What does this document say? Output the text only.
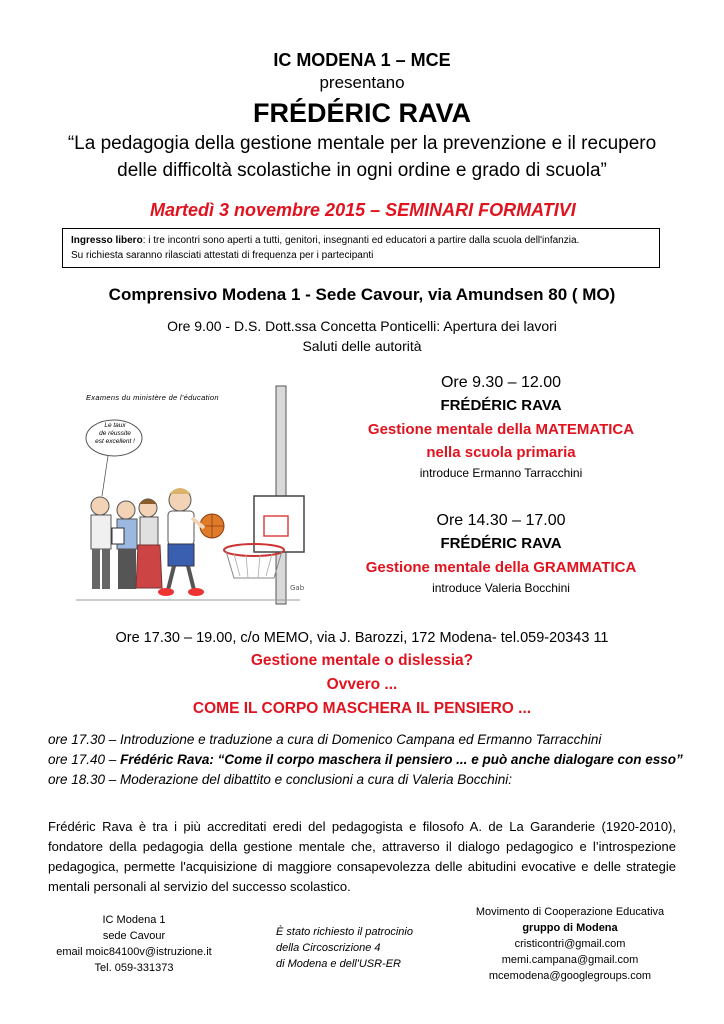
IC MODENA 1 – MCE
presentano
FRÉDÉRIC RAVA
“La pedagogia della gestione mentale per la prevenzione e il recupero
delle difficoltà scolastiche in ogni ordine e grado di scuola”
Martedì 3 novembre 2015 – SEMINARI FORMATIVI
Ingresso libero: i tre incontri sono aperti a tutti, genitori, insegnanti ed educatori a partire dalla scuola dell'infanzia.
Su richiesta saranno rilasciati attestati di frequenza per i partecipanti
Comprensivo Modena 1 - Sede Cavour, via Amundsen 80 ( MO)
Ore 9.00 - D.S. Dott.ssa Concetta Ponticelli: Apertura dei lavori
Saluti delle autorità
Gab
Examens du ministère de l'éducation
Le taux
de réussite
est excellent !
Ore 9.30 – 12.00
FRÉDÉRIC RAVA
Gestione mentale della MATEMATICA
nella scuola primaria
introduce Ermanno Tarracchini
Ore 14.30 – 17.00
FRÉDÉRIC RAVA
Gestione mentale della GRAMMATICA
introduce Valeria Bocchini
Ore 17.30 – 19.00, c/o MEMO, via J. Barozzi, 172 Modena- tel.059-20343 11
Gestione mentale o dislessia?
Ovvero ...
COME IL CORPO MASCHERA IL PENSIERO ...
ore 17.30 – Introduzione e traduzione a cura di Domenico Campana ed Ermanno Tarracchini
ore 17.40 – Frédéric Rava: “Come il corpo maschera il pensiero ... e può anche dialogare con esso”
ore 18.30 – Moderazione del dibattito e conclusioni a cura di Valeria Bocchini:
Frédéric Rava è tra i più accreditati eredi del pedagogista e filosofo A. de La Garanderie (1920-2010), fondatore della pedagogia della gestione mentale che, attraverso il dialogo pedagogico e l’introspezione pedagogica, permette l'acquisizione di maggiore consapevolezza delle abitudini evocative e delle strategie mentali personali al servizio del successo scolastico.
IC Modena 1
sede Cavour
email moic84100v@istruzione.it
Tel. 059-331373
È stato richiesto il patrocinio
della Circoscrizione 4
di Modena e dell'USR-ER
Movimento di Cooperazione Educativa
gruppo di Modena
cristicontri@gmail.com
memi.campana@gmail.com
mcemodena@googlegroups.com
